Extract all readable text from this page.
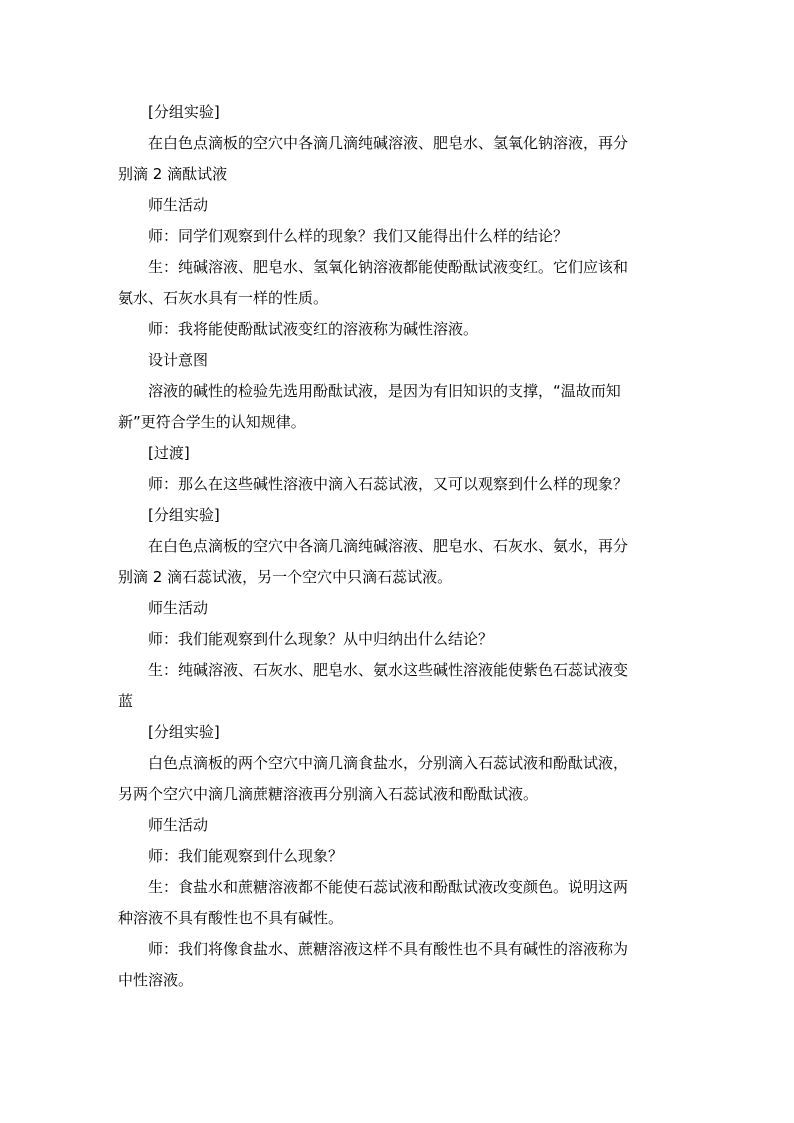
[分组实验]
在白色点滴板的空穴中各滴几滴纯碱溶液、肥皂水、氢氧化钠溶液，再分
别滴 2 滴酞试液
师生活动
师：同学们观察到什么样的现象？我们又能得出什么样的结论？
生：纯碱溶液、肥皂水、氢氧化钠溶液都能使酚酞试液变红。它们应该和
氨水、石灰水具有一样的性质。
师：我将能使酚酞试液变红的溶液称为碱性溶液。
设计意图
溶液的碱性的检验先选用酚酞试液，是因为有旧知识的支撑，“温故而知
新”更符合学生的认知规律。
[过渡]
师：那么在这些碱性溶液中滴入石蕊试液，又可以观察到什么样的现象？
[分组实验]
在白色点滴板的空穴中各滴几滴纯碱溶液、肥皂水、石灰水、氨水，再分
别滴 2 滴石蕊试液，另一个空穴中只滴石蕊试液。
师生活动
师：我们能观察到什么现象？从中归纳出什么结论？
生：纯碱溶液、石灰水、肥皂水、氨水这些碱性溶液能使紫色石蕊试液变
蓝
[分组实验]
白色点滴板的两个空穴中滴几滴食盐水，分别滴入石蕊试液和酚酞试液，
另两个空穴中滴几滴蔗糖溶液再分别滴入石蕊试液和酚酞试液。
师生活动
师：我们能观察到什么现象？
生：食盐水和蔗糖溶液都不能使石蕊试液和酚酞试液改变颜色。说明这两
种溶液不具有酸性也不具有碱性。
师：我们将像食盐水、蔗糖溶液这样不具有酸性也不具有碱性的溶液称为
中性溶液。
